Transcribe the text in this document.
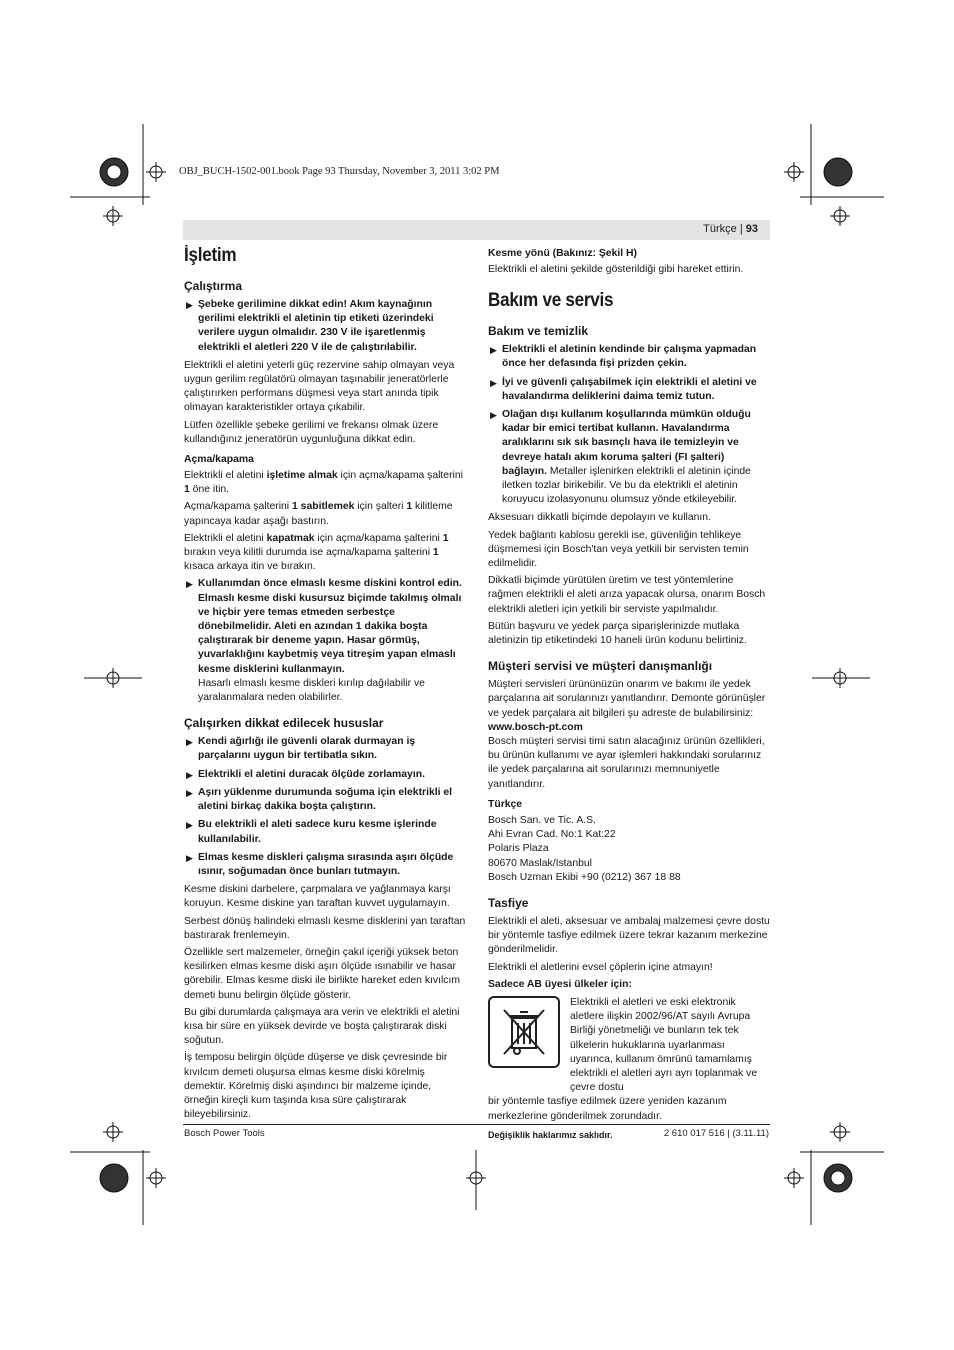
OBJ_BUCH-1502-001.book Page 93 Thursday, November 3, 2011 3:02 PM
Türkçe | 93
İşletim
Çalıştırma
▶ Şebeke gerilimine dikkat edin! Akım kaynağının gerilimi elektrikli el aletinin tip etiketi üzerindeki verilere uygun olmalıdır. 230 V ile işaretlenmiş elektrikli el aletleri 220 V ile de çalıştırılabilir.

Elektrikli el aletini yeterli güç rezervine sahip olmayan veya uygun gerilim regülatörü olmayan taşınabilir jeneratörlerle çalıştırırken performans düşmesi veya start anında tipik olmayan karakteristikler ortaya çıkabilir.

Lütfen özellikle şebeke gerilimi ve frekansı olmak üzere kullandığınız jeneratörün uygunluğuna dikkat edin.

Açma/kapama

Elektrikli el aletini işletime almak için açma/kapama şalterini 1 öne itin.

Açma/kapama şalterini 1 sabitlemek için şalteri 1 kilitleme yapıncaya kadar aşağı bastırın.

Elektrikli el aletini kapatmak için açma/kapama şalterini 1 bırakın veya kilitli durumda ise açma/kapama şalterini 1 kısaca arkaya itin ve bırakın.

▶ Kullanımdan önce elmaslı kesme diskini kontrol edin. Elmaslı kesme diski kusursuz biçimde takılmış olmalı ve hiçbir yere temas etmeden serbestçe dönebilmelidir. Aleti en azından 1 dakika boşta çalıştırarak bir deneme yapın. Hasar görmüş, yuvarlaklığını kaybetmiş veya titreşim yapan elmaslı kesme disklerini kullanmayın.
Hasarlı elmaslı kesme diskleri kırılıp dağılabilir ve yaralanmalara neden olabilirler.
Çalışırken dikkat edilecek hususlar
▶ Kendi ağırlığı ile güvenli olarak durmayan iş parçalarını uygun bir tertibatla sıkın.
▶ Elektrikli el aletini duracak ölçüde zorlamayın.
▶ Aşırı yüklenme durumunda soğuma için elektrikli el aletini birkaç dakika boşta çalıştırın.
▶ Bu elektrikli el aleti sadece kuru kesme işlerinde kullanılabilir.
▶ Elmas kesme diskleri çalışma sırasında aşırı ölçüde ısınır, soğumadan önce bunları tutmayın.

Kesme diskini darbelere, çarpmalara ve yağlanmaya karşı koruyun. Kesme diskine yan taraftan kuvvet uygulamayın.

Serbest dönüş halindeki elmaslı kesme disklerini yan taraftan bastırarak frenlemeyin.

Özellikle sert malzemeler, örneğin çakıl içeriği yüksek beton kesilirken elmas kesme diski aşırı ölçüde ısınabilir ve hasar görebilir. Elmas kesme diski ile birlikte hareket eden kıvılcım demeti bunu belirgin ölçüde gösterir.

Bu gibi durumlarda çalışmaya ara verin ve elektrikli el aletini kısa bir süre en yüksek devirde ve boşta çalıştırarak diski soğutun.

İş temposu belirgin ölçüde düşerse ve disk çevresinde bir kıvılcım demeti oluşursa elmas kesme diski körelmiş demektir. Körelmiş diski aşındırıcı bir malzeme içinde, örneğin kireçli kum taşında kısa süre çalıştırarak bileyebilirsiniz.

Kesme yönü (Bakınız: Şekil H)

Elektrikli el aletini şekilde gösterildiği gibi hareket ettirin.

Bakım ve servis
Bakım ve temizlik
▶ Elektrikli el aletinin kendinde bir çalışma yapmadan önce her defasında fişi prizden çekin.
▶ İyi ve güvenli çalışabilmek için elektrikli el aletini ve havalandırma deliklerini daima temiz tutun.
▶ Olağan dışı kullanım koşullarında mümkün olduğu kadar bir emici tertibat kullanın. Havalandırma aralıklarını sık sık basınçlı hava ile temizleyin ve devreye hatalı akım koruma şalteri (FI şalteri) bağlayın. Metaller işlenirken elektrikli el aletinin içinde iletken tozlar birikebilir. Ve bu da elektrikli el aletinin koruyucu izolasyonunu olumsuz yönde etkileyebilir.

Aksesuarı dikkatli biçimde depolayın ve kullanın.

Yedek bağlantı kablosu gerekli ise, güvenliğin tehlikeye düşmemesi için Bosch'tan veya yetkili bir servisten temin edilmelidir.

Dikkatli biçimde yürütülen üretim ve test yöntemlerine rağmen elektrikli el aleti arıza yapacak olursa, onarım Bosch elektrikli aletleri için yetkili bir serviste yapılmalıdır.

Bütün başvuru ve yedek parça siparişlerinizde mutlaka aletinizin tip etiketindeki 10 haneli ürün kodunu belirtiniz.

Müşteri servisi ve müşteri danışmanlığı

Müşteri servisleri ürününüzün onarım ve bakımı ile yedek parçalarına ait sorularınızı yanıtlandırır. Demonte görünüşler ve yedek parçalara ait bilgileri şu adreste de bulabilirsiniz:
www.bosch-pt.com
Bosch müşteri servisi timi satın alacağınız ürünün özellikleri, bu ürünün kullanımı ve ayar işlemleri hakkındaki sorularınız ile yedek parçalarına ait sorularınızı memnuniyetle yanıtlandırır.

Türkçe

Bosch San. ve Tic. A.S.
Ahi Evran Cad. No:1 Kat:22
Polaris Plaza
80670 Maslak/Istanbul
Bosch Uzman Ekibi +90 (0212) 367 18 88

Tasfiye

Elektrikli el aleti, aksesuar ve ambalaj malzemesi çevre dostu bir yöntemle tasfiye edilmek üzere tekrar kazanım merkezine gönderilmelidir.

Elektrikli el aletlerini evsel çöplerin içine atmayın!

Sadece AB üyesi ülkeler için:

Elektrikli el aletleri ve eski elektronik aletlere ilişkin 2002/96/AT sayılı Avrupa Birliği yönetmeliği ve bunların tek tek ülkelerin hukuklarına uyarlanması uyarınca, kullanım ömrünü tamamlamış elektrikli el aletleri ayrı ayrı toplanmak ve çevre dostu

bir yöntemle tasfiye edilmek üzere yeniden kazanım merkezlerine gönderilmek zorundadır.

Değişiklik haklarımız saklıdır.

Bosch Power Tools	2 610 017 516 | (3.11.11)
